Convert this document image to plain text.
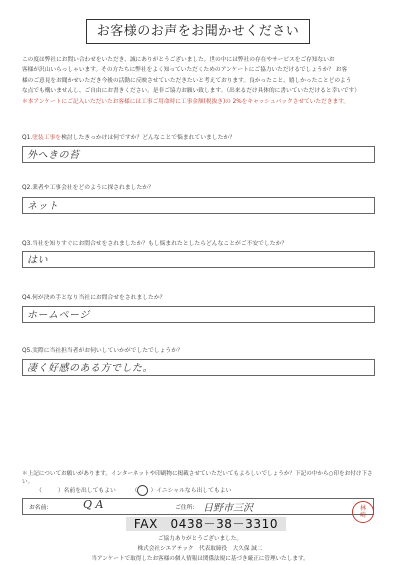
お客様のお声をお聞かせください
この度は弊社にお問い合わせをいただき、誠にありがとうございました。世の中には弊社の存在やサービスをご存知ないお
客様が沢山いらっしゃいます。その方たちに弊社をよく知っていただくためのアンケートにご協力いただけるでしょうか？ お客
様のご意見をお聞かせいただき今後の活動に反映させていただきたいと考えております。良かったこと、嬉しかったことどのよう
な点でも構いませんし、ご自由にお書きください。是非ご協力お願い致します。（出来るだけ具体的に書いていただけると幸いです）
＊本アンケートにご記入いただいたお客様には工事ご用命時に工事金額(税抜き)の 2%をキャッシュバックさせていただきます。
Q1.塗装工事を検討したきっかけは何ですか？どんなことで悩まれていましたか？
外へきの苔
Q2.業者や工事会社をどのように探されましたか？
ネット
Q3.当社を知りすぐにお問合せをされましたか？もし悩まれたとしたらどんなことがご不安でしたか？
はい
Q4.何が決め手となり当社にお問合せをされましたか？
ホームページ
Q5.実際に当社担当者がお伺いしていかがでしたでしょうか？
凄く好感のある方でした。
＊上記についてお願いがあります。インターネットや印刷物に掲載させていただいてもよろしいでしょうか？下記の中から○印をお付け下さい。
（	）名前を出してもよい	（ ）イニシャルなら出してもよい
お名前：	Q A	ご住所： 日野市三沢	林
崎
FAX　0438－38－3310
ご協力ありがとうございました。
株式会社シエアテック　代表取締役　大久保 誠二
当アンケートで取得したお客様の個人情報は関係法規に基づき厳正に管理いたします。
